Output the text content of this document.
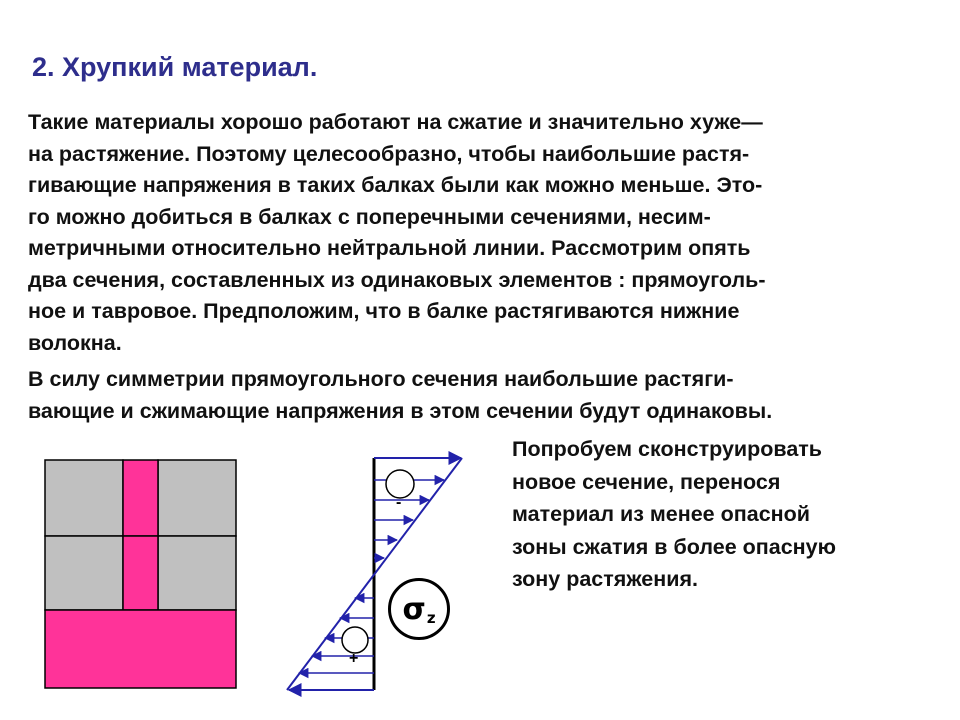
2. Хрупкий материал.
Такие материалы хорошо работают на сжатие и значительно хуже—
на растяжение. Поэтому целесообразно, чтобы наибольшие растя-
гивающие напряжения в таких балках были как можно меньше. Это-
го можно добиться в балках с поперечными сечениями, несим-
метричными относительно нейтральной линии. Рассмотрим опять
два сечения, составленных из одинаковых элементов : прямоуголь-
ное и тавровое. Предположим, что в балке растягиваются нижние
волокна.
В силу симметрии прямоугольного сечения наибольшие растяги-
вающие и сжимающие напряжения в этом сечении будут одинаковы.
Попробуем сконструировать
новое сечение, перенося
материал из менее опасной
зоны сжатия в более опасную
зону растяжения.
-
+
$\sigma_z$
